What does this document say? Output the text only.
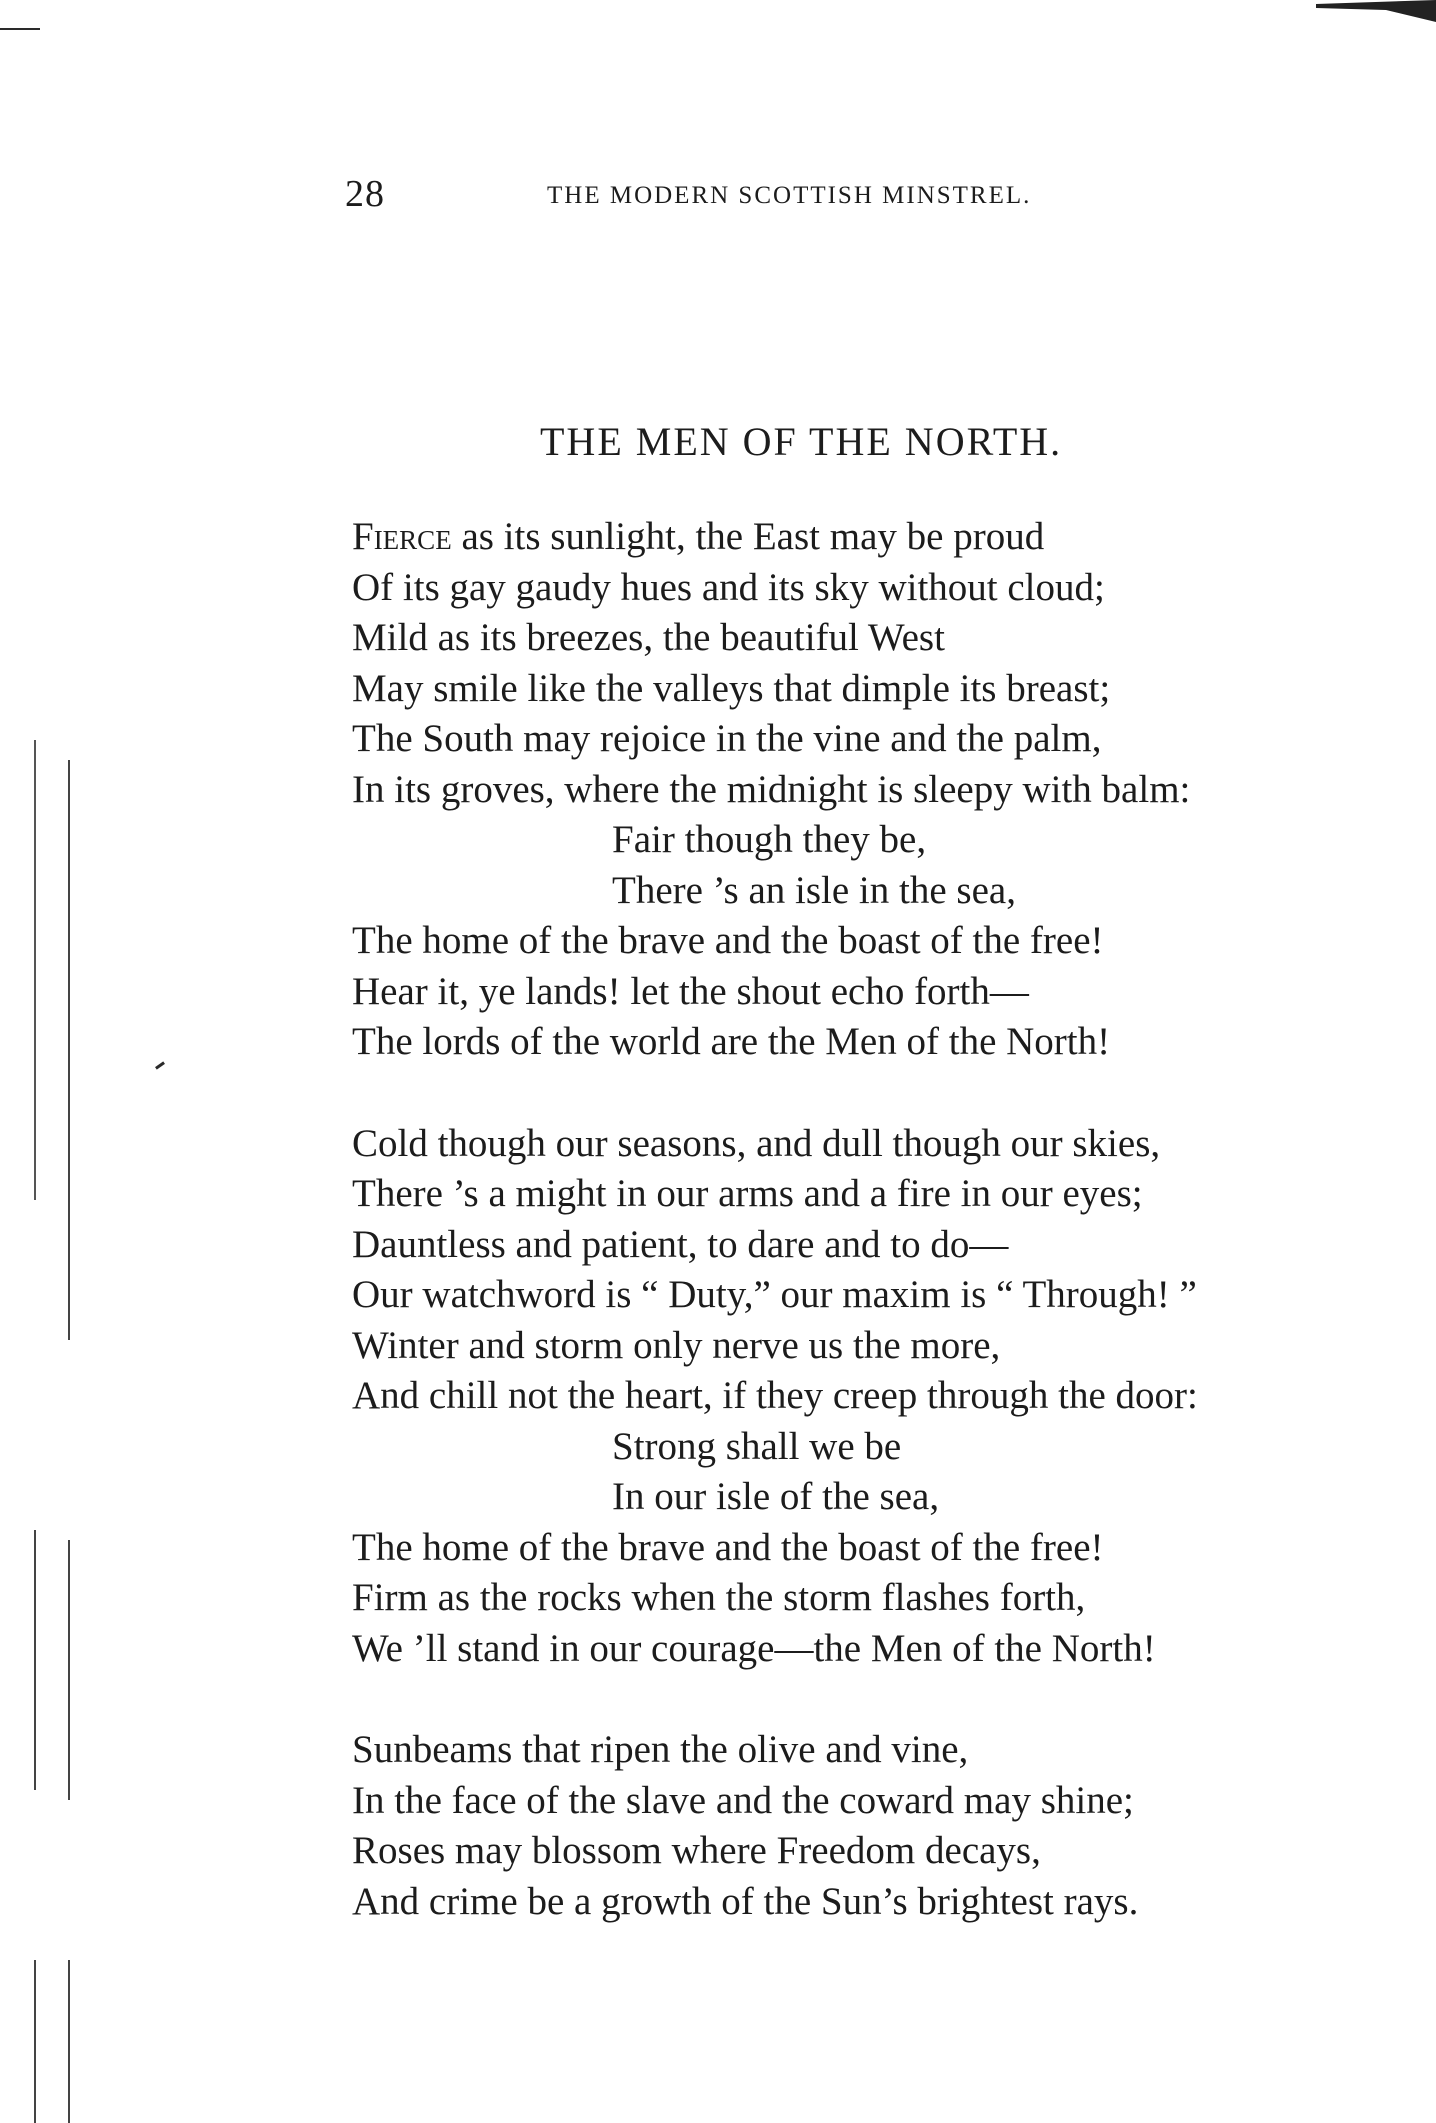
28	THE MODERN SCOTTISH MINSTREL.
THE MEN OF THE NORTH.
Fierce as its sunlight, the East may be proud
Of its gay gaudy hues and its sky without cloud;
Mild as its breezes, the beautiful West
May smile like the valleys that dimple its breast;
The South may rejoice in the vine and the palm,
In its groves, where the midnight is sleepy with balm:
Fair though they be,
There ’s an isle in the sea,
The home of the brave and the boast of the free!
Hear it, ye lands! let the shout echo forth—
The lords of the world are the Men of the North!
Cold though our seasons, and dull though our skies,
There ’s a might in our arms and a fire in our eyes;
Dauntless and patient, to dare and to do—
Our watchword is “ Duty,” our maxim is “ Through! ”
Winter and storm only nerve us the more,
And chill not the heart, if they creep through the door:
Strong shall we be
In our isle of the sea,
The home of the brave and the boast of the free!
Firm as the rocks when the storm flashes forth,
We ’ll stand in our courage—the Men of the North!
Sunbeams that ripen the olive and vine,
In the face of the slave and the coward may shine;
Roses may blossom where Freedom decays,
And crime be a growth of the Sun’s brightest rays.
